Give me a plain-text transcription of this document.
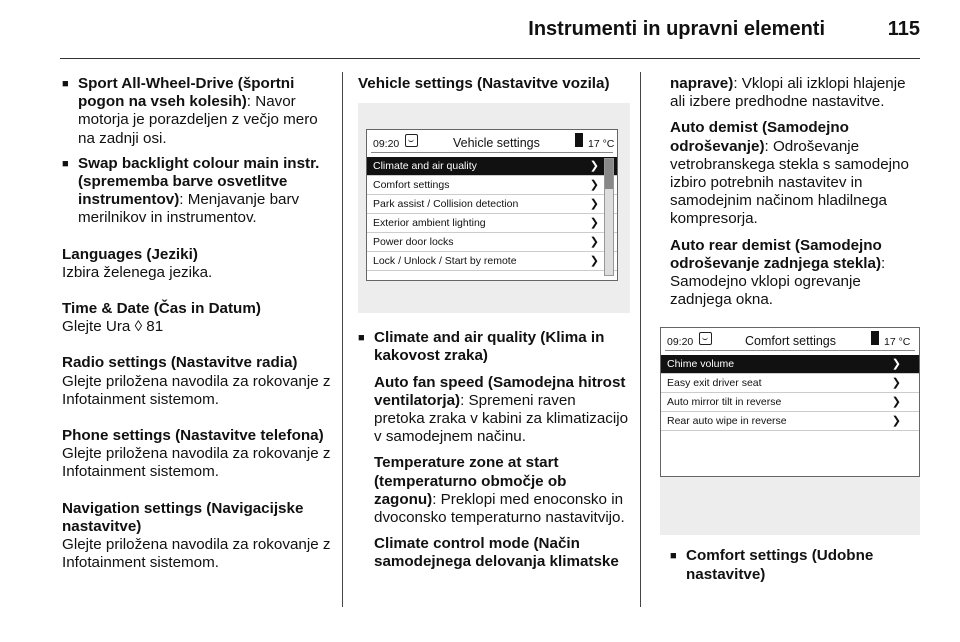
Instrumenti in upravni elementi	115
■ Sport All-Wheel-Drive (športni pogon na vseh kolesih): Navor motorja je porazdeljen z večjo mero na zadnji osi.
■ Swap backlight colour main instr. (sprememba barve osvetlitve instrumentov): Menjavanje barv merilnikov in instrumentov.
Languages (Jeziki)
Izbira želenega jezika.
Time & Date (Čas in Datum)
Glejte Ura ◊ 81
Radio settings (Nastavitve radia)
Glejte priložena navodila za rokovanje z Infotainment sistemom.
Phone settings (Nastavitve telefona)
Glejte priložena navodila za rokovanje z Infotainment sistemom.
Navigation settings (Navigacijske nastavitve)
Glejte priložena navodila za rokovanje z Infotainment sistemom.
Vehicle settings (Nastavitve vozila)
09:20	Vehicle settings	17 °C
Climate and air quality	❯
Comfort settings	❯
Park assist / Collision detection	❯
Exterior ambient lighting	❯
Power door locks	❯
Lock / Unlock / Start by remote	❯
■ Climate and air quality (Klima in kakovost zraka)
Auto fan speed (Samodejna hitrost ventilatorja): Spremeni raven pretoka zraka v kabini za klimatizacijo v samodejnem načinu.
Temperature zone at start (temperaturno območje ob zagonu): Preklopi med enoconsko in dvoconsko temperaturno nastavitvijo.
Climate control mode (Način samodejnega delovanja klimatske
naprave): Vklopi ali izklopi hlajenje ali izbere predhodne nastavitve.
Auto demist (Samodejno odroševanje): Odroševanje vetrobranskega stekla s samodejno izbiro potrebnih nastavitev in samodejnim načinom hladilnega kompresorja.
Auto rear demist (Samodejno odroševanje zadnjega stekla): Samodejno vklopi ogrevanje zadnjega okna.
09:20	Comfort settings	17 °C
Chime volume	❯
Easy exit driver seat	❯
Auto mirror tilt in reverse	❯
Rear auto wipe in reverse	❯
■ Comfort settings (Udobne nastavitve)
